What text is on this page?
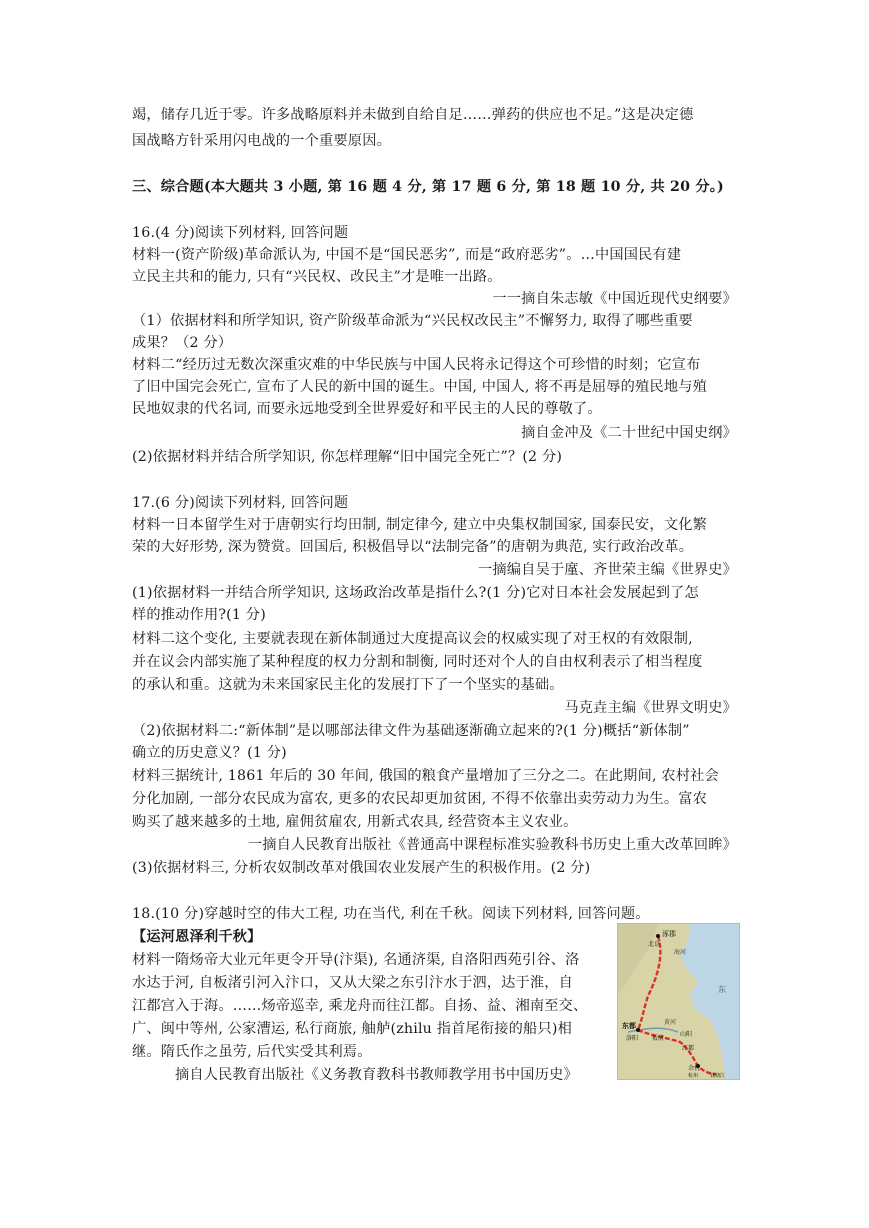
竭，储存几近于零。许多战略原料并未做到自给自足……弹药的供应也不足。”这是决定德
国战略方针采用闪电战的一个重要原因。
三、综合题(本大题共 3 小题, 第 16 题 4 分, 第 17 题 6 分, 第 18 题 10 分, 共 20 分。)
16.(4 分)阅读下列材料, 回答问题
材料一(资产阶级)革命派认为, 中国不是“国民恶劣”, 而是“政府恶劣”。…中国国民有建
立民主共和的能力, 只有“兴民权、改民主”才是唯一出路。
一一摘自朱志敏《中国近现代史纲要》
（1）依据材料和所学知识, 资产阶级革命派为“兴民权改民主”不懈努力, 取得了哪些重要
成果？（2 分）
材料二“经历过无数次深重灾难的中华民族与中国人民将永记得这个可珍惜的时刻；它宣布
了旧中国完会死亡, 宣布了人民的新中国的诞生。中国, 中国人, 将不再是屈辱的殖民地与殖
民地奴隶的代名词, 而要永远地受到全世界爱好和平民主的人民的尊敬了。
摘自金冲及《二十世纪中国史纲》
(2)依据材料并结合所学知识, 你怎样理解“旧中国完全死亡”？(2 分)
17.(6 分)阅读下列材料, 回答问题
材料一日本留学生对于唐朝实行均田制, 制定律今, 建立中央集权制国家, 国泰民安，文化繁
荣的大好形势, 深为赞赏。回国后, 积极倡导以“法制完备”的唐朝为典范, 实行政治改革。
一摘编自吴于廑、齐世荣主编《世界史》
(1)依据材料一并结合所学知识, 这场政治改革是指什么?(1 分)它对日本社会发展起到了怎
样的推动作用?(1 分)
材料二这个变化, 主要就表现在新体制通过大度提高议会的权威实现了对王权的有效限制,
并在议会内部实施了某种程度的权力分割和制衡, 同时还对个人的自由权利表示了相当程度
的承认和重。这就为未来国家民主化的发展打下了一个坚实的基础。
马克垚主编《世界文明史》
（2)依据材料二:“新体制”是以哪部法律文件为基础逐渐确立起来的?(1 分)概括“新体制”
确立的历史意义？(1 分)
材料三据统计, 1861 年后的 30 年间, 俄国的粮食产量增加了三分之二。在此期间, 农村社会
分化加剧, 一部分农民成为富农, 更多的农民却更加贫困, 不得不依靠出卖劳动力为生。富农
购买了越来越多的土地, 雇佣贫雇农, 用新式农具, 经营资本主义农业。
一摘自人民教育出版社《普通高中课程标准实验教科书历史上重大改革回眸》
(3)依据材料三, 分析农奴制改革对俄国农业发展产生的积极作用。(2 分)
18.(10 分)穿越时空的伟大工程, 功在当代, 利在千秋。阅读下列材料, 回答问题。
【运河恩泽利千秋】
材料一隋炀帝大业元年更令开导(汴渠), 名通济渠, 自洛阳西苑引谷、洛
水达于河, 自板渚引河入汴口，又从大梁之东引汴水于泗，达于淮，自
江都宫入于海。……炀帝巡幸, 乘龙舟而往江都。自扬、益、湘南至交、
广、闽中等州, 公家漕运, 私行商旅, 舳舻(zhilu 指首尾衔接的船只)相
继。隋氏作之虽劳, 后代实受其利焉。
摘自人民教育出版社《义务教育教科书教师教学用书中国历史》
涿郡
北京
海河
黄河
东
东都
洛阳 板渚
山阳
江都
余杭
杭州 钱塘江
